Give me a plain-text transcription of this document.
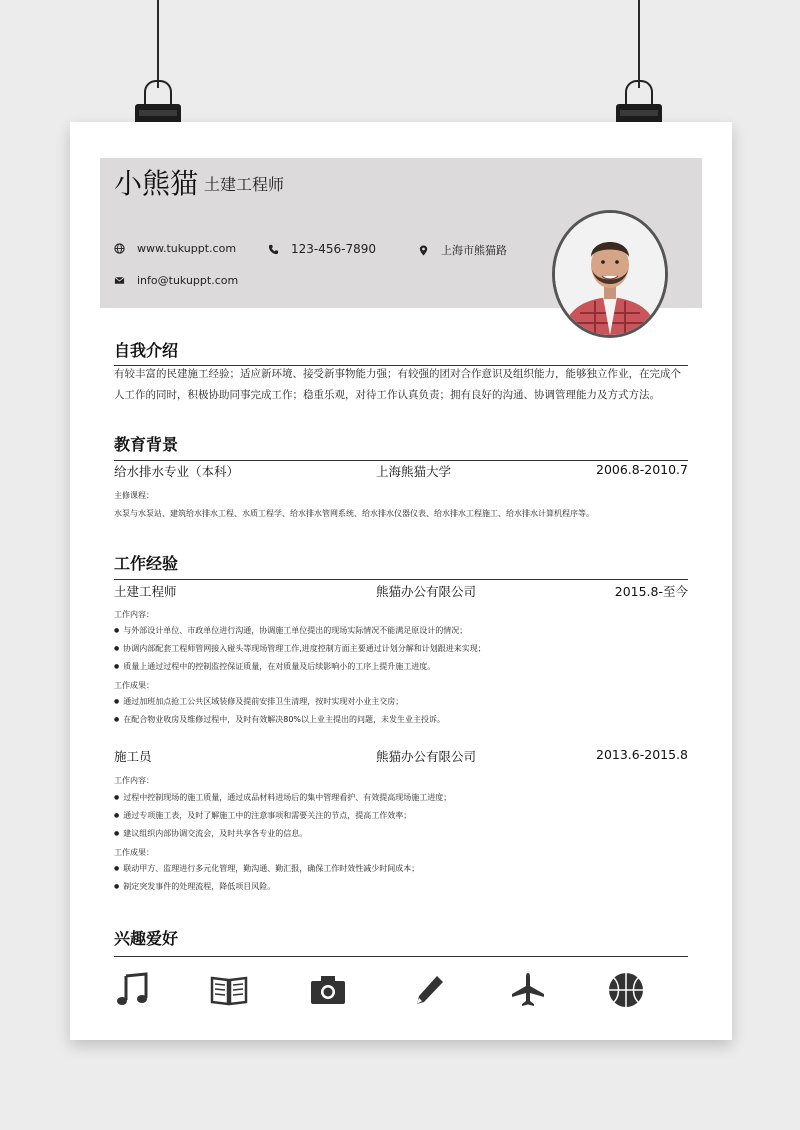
小熊猫 土建工程师
www.tukuppt.com	123-456-7890	上海市熊猫路
info@tukuppt.com
自我介绍
有较丰富的民建施工经验；适应新环境、接受新事物能力强；有较强的团对合作意识及组织能力，能够独立作业，在完成个人工作的同时，积极协助同事完成工作；稳重乐观，对待工作认真负责；拥有良好的沟通、协调管理能力及方式方法。
教育背景
给水排水专业（本科）	上海熊猫大学	2006.8-2010.7
主修课程：
水泵与水泵站、建筑给水排水工程、水质工程学、给水排水管网系统、给水排水仪器仪表、给水排水工程施工、给水排水计算机程序等。
工作经验
土建工程师	熊猫办公有限公司	2015.8-至今
工作内容：
● 与外部设计单位、市政单位进行沟通，协调施工单位提出的现场实际情况不能满足原设计的情况；
● 协调内部配套工程师管网接入碰头等现场管理工作,进度控制方面主要通过计划分解和计划跟进来实现；
● 质量上通过过程中的控制监控保证质量，在对质量及后续影响小的工序上提升施工进度。
工作成果：
● 通过加班加点抢工公共区域装修及提前安排卫生清理，按时实现对小业主交房；
● 在配合物业收房及维修过程中，及时有效解决80%以上业主提出的问题，未发生业主投诉。
施工员	熊猫办公有限公司	2013.6-2015.8
工作内容：
● 过程中控制现场的施工质量，通过成品材料进场后的集中管理看护、有效提高现场施工进度；
● 通过专项施工表，及时了解施工中的注意事项和需要关注的节点，提高工作效率；
● 建议组织内部协调交流会，及时共享各专业的信息。
工作成果：
● 联动甲方、监理进行多元化管理，勤沟通、勤汇报，确保工作时效性减少时间成本；
● 制定突发事件的处理流程，降低项目风险。
兴趣爱好
